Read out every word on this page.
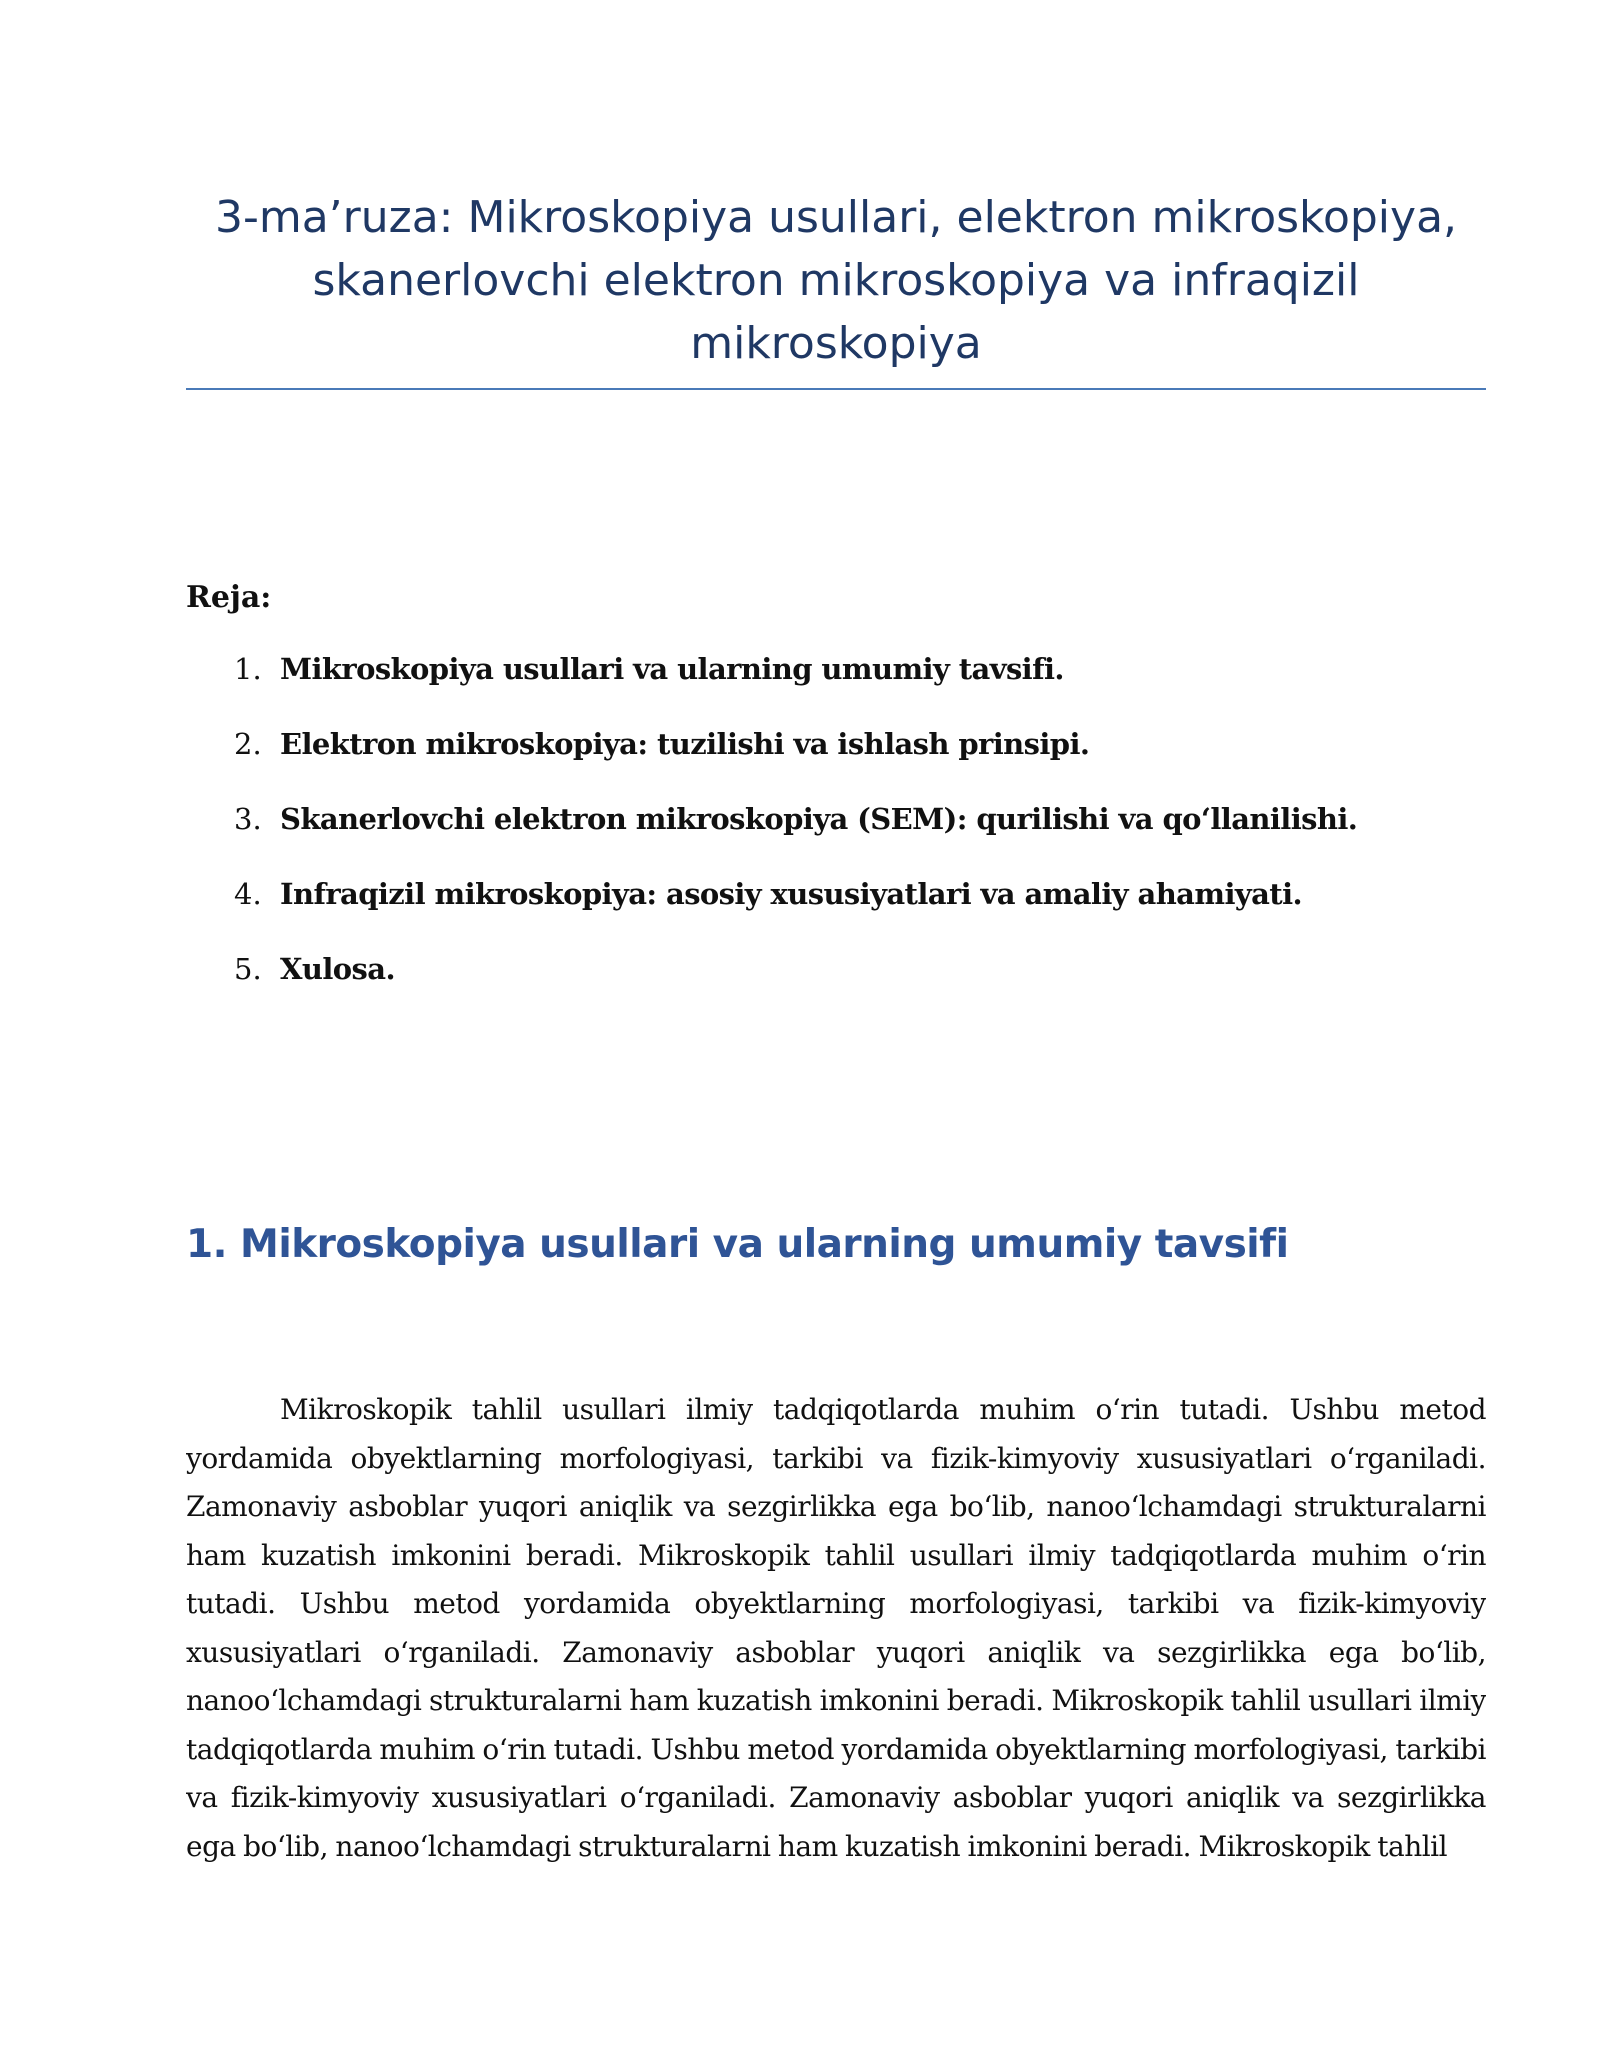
3-ma’ruza: Mikroskopiya usullari, elektron mikroskopiya,
skanerlovchi elektron mikroskopiya va infraqizil
mikroskopiya
Reja:
1. Mikroskopiya usullari va ularning umumiy tavsifi.
2. Elektron mikroskopiya: tuzilishi va ishlash prinsipi.
3. Skanerlovchi elektron mikroskopiya (SEM): qurilishi va qoʻllanilishi.
4. Infraqizil mikroskopiya: asosiy xususiyatlari va amaliy ahamiyati.
5. Xulosa.
1. Mikroskopiya usullari va ularning umumiy tavsifi

Mikroskopik tahlil usullari ilmiy tadqiqotlarda muhim oʻrin tutadi. Ushbu metod yordamida obyektlarning morfologiyasi, tarkibi va fizik-kimyoviy xususiyatlari oʻrganiladi. Zamonaviy asboblar yuqori aniqlik va sezgirlikka ega boʻlib, nanooʻlchamdagi strukturalarni ham kuzatish imkonini beradi. Mikroskopik tahlil usullari ilmiy tadqiqotlarda muhim oʻrin tutadi. Ushbu metod yordamida obyektlarning morfologiyasi, tarkibi va fizik-kimyoviy xususiyatlari oʻrganiladi. Zamonaviy asboblar yuqori aniqlik va sezgirlikka ega boʻlib, nanooʻlchamdagi strukturalarni ham kuzatish imkonini beradi. Mikroskopik tahlil usullari ilmiy tadqiqotlarda muhim oʻrin tutadi. Ushbu metod yordamida obyektlarning morfologiyasi, tarkibi va fizik-kimyoviy xususiyatlari oʻrganiladi. Zamonaviy asboblar yuqori aniqlik va sezgirlikka ega boʻlib, nanooʻlchamdagi strukturalarni ham kuzatish imkonini beradi. Mikroskopik tahlil
